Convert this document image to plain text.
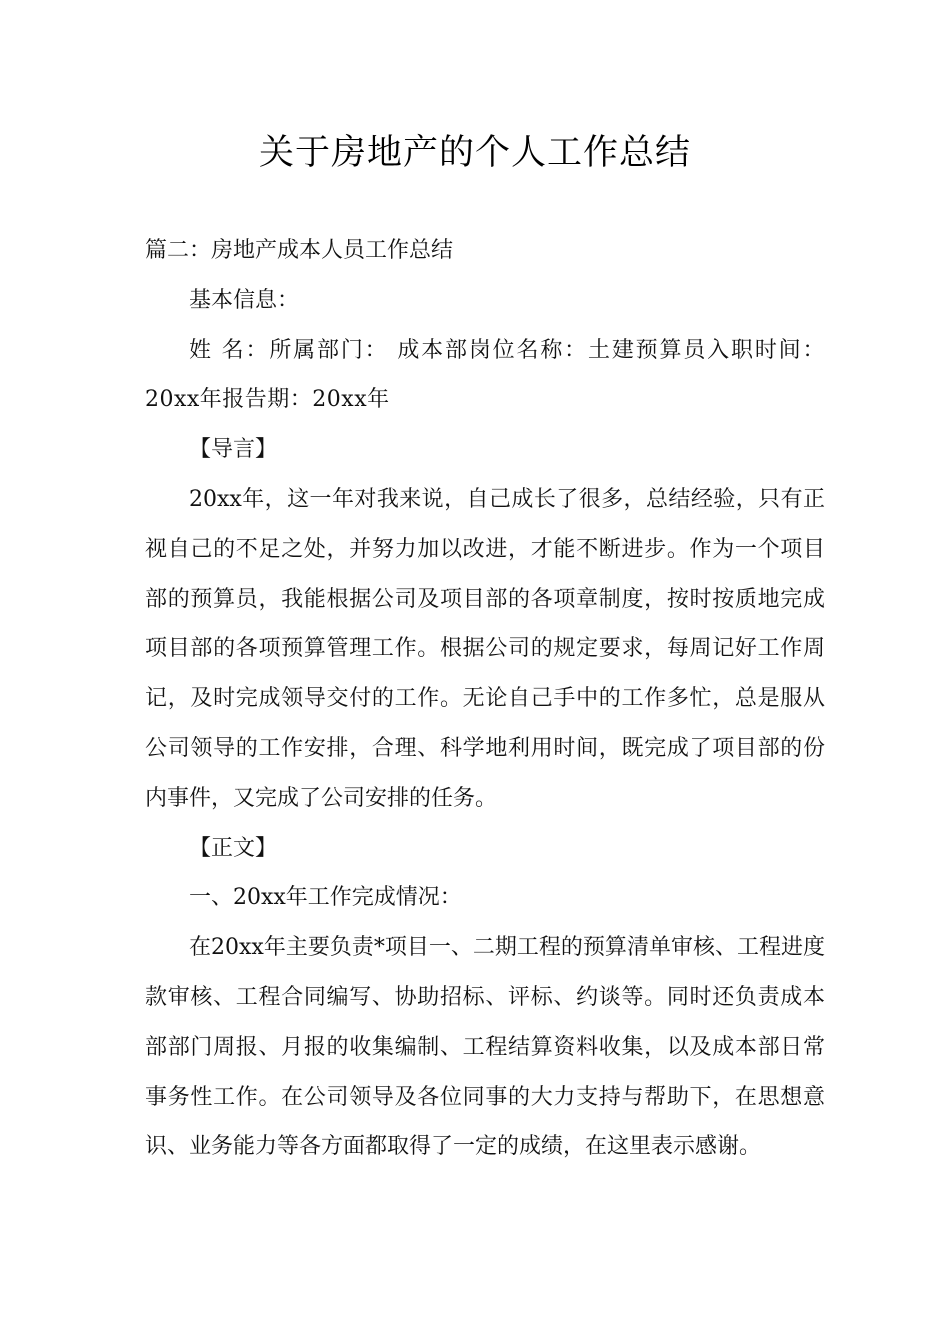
关于房地产的个人工作总结

篇二：房地产成本人员工作总结

基本信息：

姓 名：所属部门： 成本部岗位名称：土建预算员入职时间：20xx年报告期：20xx年

【导言】

20xx年，这一年对我来说，自己成长了很多，总结经验，只有正视自己的不足之处，并努力加以改进，才能不断进步。作为一个项目部的预算员，我能根据公司及项目部的各项章制度，按时按质地完成项目部的各项预算管理工作。根据公司的规定要求，每周记好工作周记，及时完成领导交付的工作。无论自己手中的工作多忙，总是服从公司领导的工作安排，合理、科学地利用时间，既完成了项目部的份内事件，又完成了公司安排的任务。

【正文】

一、20xx年工作完成情况：

在20xx年主要负责*项目一、二期工程的预算清单审核、工程进度款审核、工程合同编写、协助招标、评标、约谈等。同时还负责成本部部门周报、月报的收集编制、工程结算资料收集，以及成本部日常事务性工作。在公司领导及各位同事的大力支持与帮助下，在思想意识、业务能力等各方面都取得了一定的成绩，在这里表示感谢。
